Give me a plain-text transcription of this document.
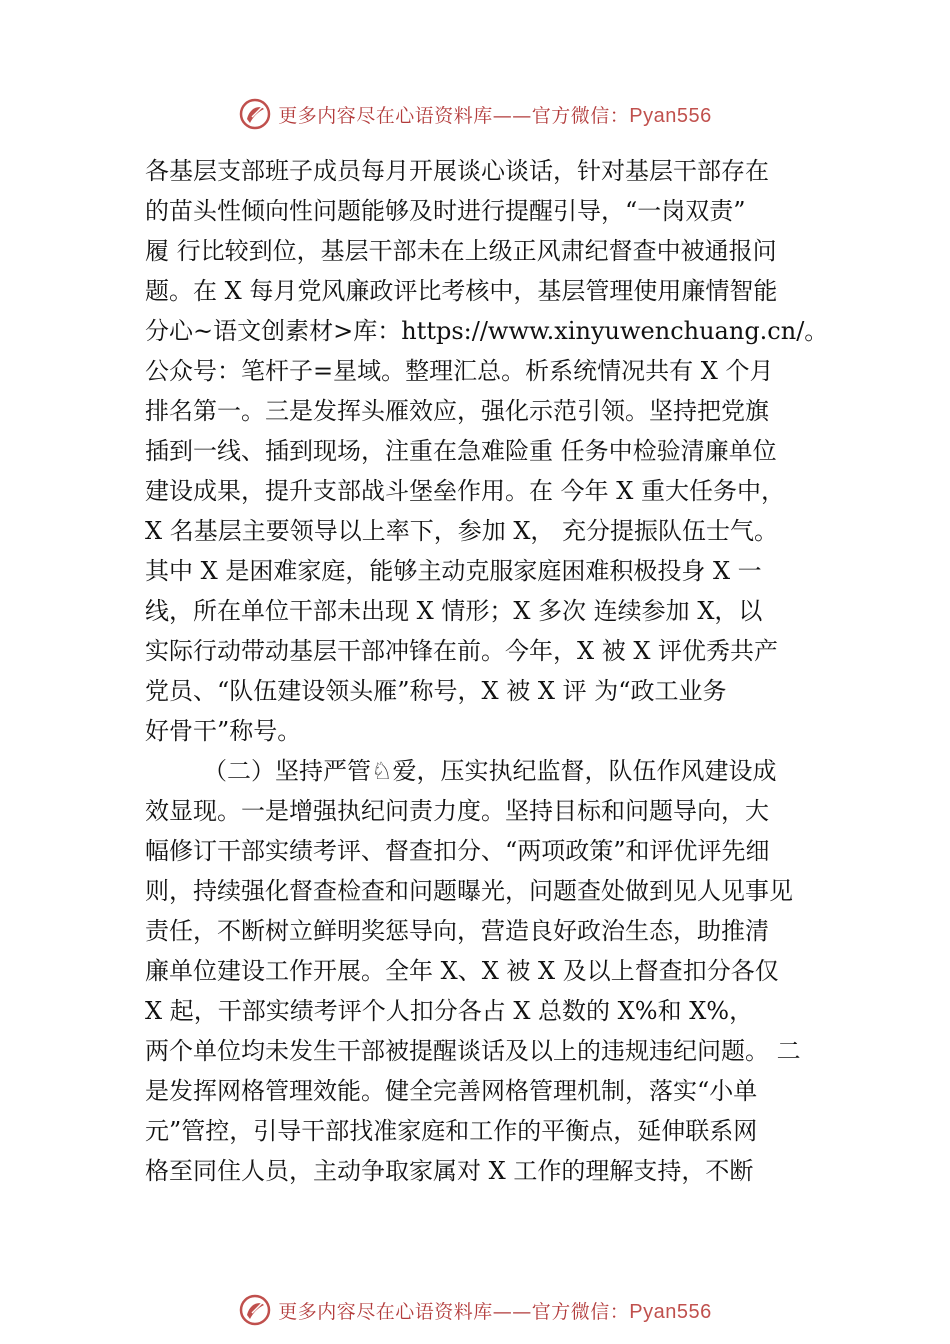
更多内容尽在心语资料库——官方微信：Pyan556
各基层支部班子成员每月开展谈心谈话，针对基层干部存在
的苗头性倾向性问题能够及时进行提醒引导，“一岗双责”
履 行比较到位，基层干部未在上级正风肃纪督查中被通报问
题。在 X 每月党风廉政评比考核中，基层管理使用廉情智能
分心~语文创素材>库：https://www.xinyuwenchuang.cn/。
公众号：笔杆子=星域。整理汇总。析系统情况共有 X 个月
排名第一。三是发挥头雁效应，强化示范引领。坚持把党旗
插到一线、插到现场，注重在急难险重 任务中检验清廉单位
建设成果，提升支部战斗堡垒作用。在 今年 X 重大任务中，
X 名基层主要领导以上率下，参加 X， 充分提振队伍士气。
其中 X 是困难家庭，能够主动克服家庭困难积极投身 X 一
线，所在单位干部未出现 X 情形；X 多次 连续参加 X，以
实际行动带动基层干部冲锋在前。今年，X 被 X 评优秀共产
党员、“队伍建设领头雁”称号，X 被 X 评 为“政工业务
好骨干”称号。
（二）坚持严管♘爱，压实执纪监督，队伍作风建设成
效显现。一是增强执纪问责力度。坚持目标和问题导向，大
幅修订干部实绩考评、督查扣分、“两项政策”和评优评先细
则，持续强化督查检查和问题曝光，问题查处做到见人见事见
责任，不断树立鲜明奖惩导向，营造良好政治生态，助推清
廉单位建设工作开展。全年 X、X 被 X 及以上督查扣分各仅
X 起，干部实绩考评个人扣分各占 X 总数的 X%和 X%，
两个单位均未发生干部被提醒谈话及以上的违规违纪问题。 二
是发挥网格管理效能。健全完善网格管理机制，落实“小单
元”管控，引导干部找准家庭和工作的平衡点，延伸联系网
格至同住人员，主动争取家属对 X 工作的理解支持，不断
更多内容尽在心语资料库——官方微信：Pyan556
